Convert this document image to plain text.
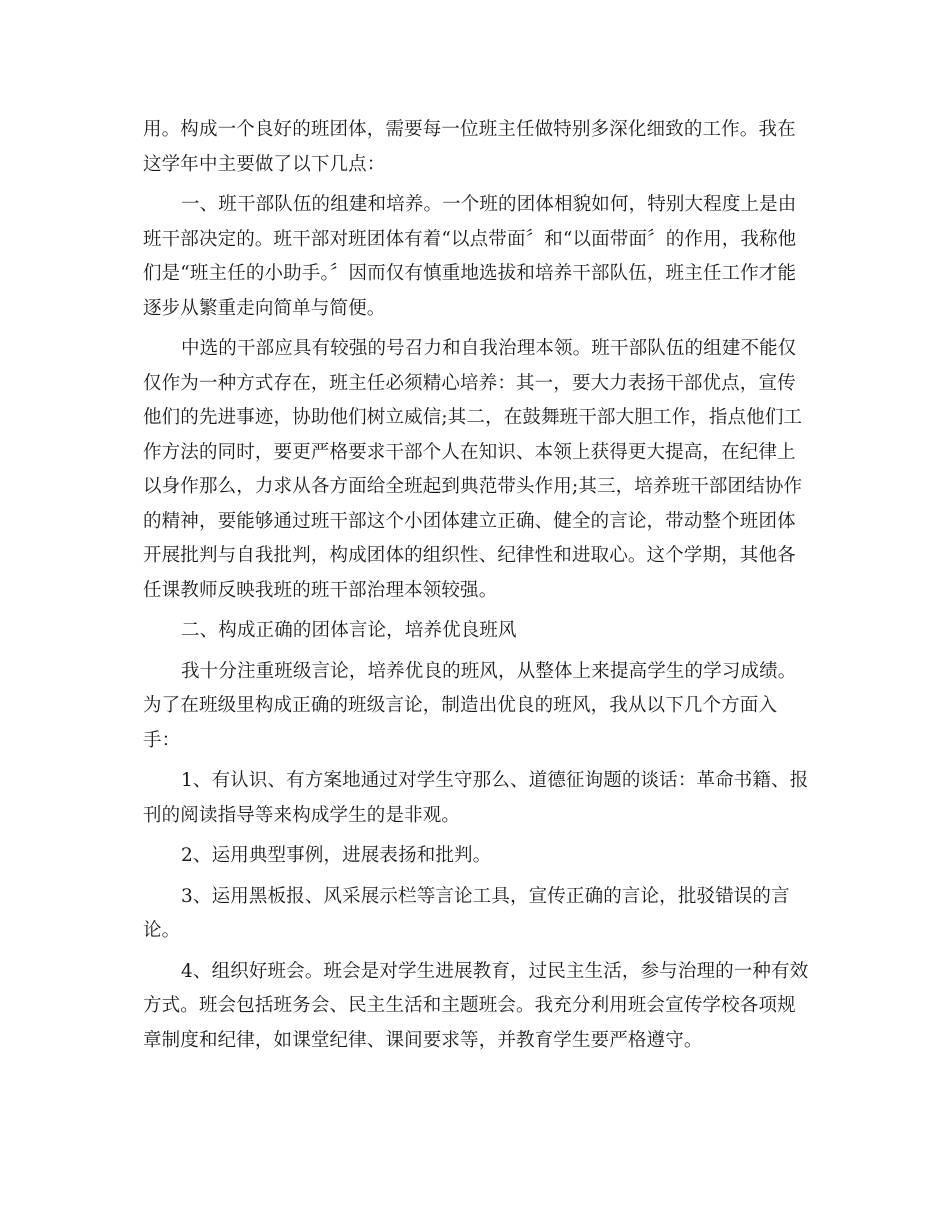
用。构成一个良好的班团体，需要每一位班主任做特别多深化细致的工作。我在
这学年中主要做了以下几点：
一、班干部队伍的组建和培养。一个班的团体相貌如何，特别大程度上是由
班干部决定的。班干部对班团体有着“以点带面〞和“以面带面〞的作用，我称他
们是“班主任的小助手。〞因而仅有慎重地选拔和培养干部队伍，班主任工作才能
逐步从繁重走向简单与简便。
中选的干部应具有较强的号召力和自我治理本领。班干部队伍的组建不能仅
仅作为一种方式存在，班主任必须精心培养：其一，要大力表扬干部优点，宣传
他们的先进事迹，协助他们树立威信;其二，在鼓舞班干部大胆工作，指点他们工
作方法的同时，要更严格要求干部个人在知识、本领上获得更大提高，在纪律上
以身作那么，力求从各方面给全班起到典范带头作用;其三，培养班干部团结协作
的精神，要能够通过班干部这个小团体建立正确、健全的言论，带动整个班团体
开展批判与自我批判，构成团体的组织性、纪律性和进取心。这个学期，其他各
任课教师反映我班的班干部治理本领较强。
二、构成正确的团体言论，培养优良班风
我十分注重班级言论，培养优良的班风，从整体上来提高学生的学习成绩。
为了在班级里构成正确的班级言论，制造出优良的班风，我从以下几个方面入
手：
1、有认识、有方案地通过对学生守那么、道德征询题的谈话：革命书籍、报
刊的阅读指导等来构成学生的是非观。
2、运用典型事例，进展表扬和批判。
3、运用黑板报、风采展示栏等言论工具，宣传正确的言论，批驳错误的言
论。
4、组织好班会。班会是对学生进展教育，过民主生活，参与治理的一种有效
方式。班会包括班务会、民主生活和主题班会。我充分利用班会宣传学校各项规
章制度和纪律，如课堂纪律、课间要求等，并教育学生要严格遵守。
